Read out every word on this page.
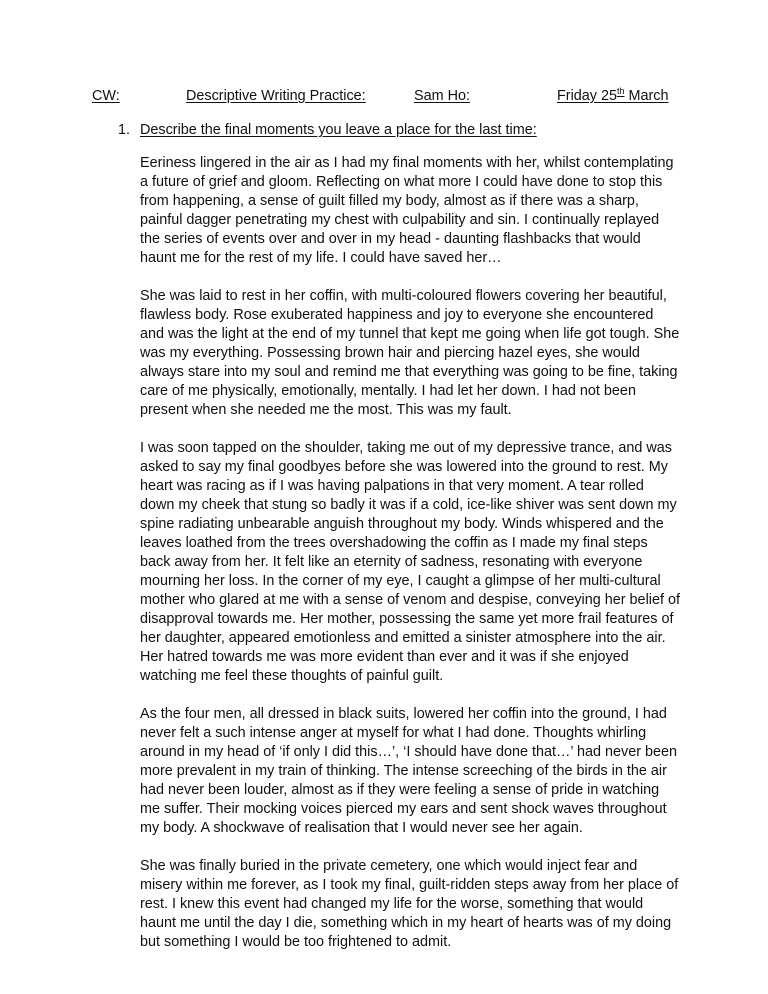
CW:	Descriptive Writing Practice:	Sam Ho:	Friday 25th March
1. Describe the final moments you leave a place for the last time:

Eeriness lingered in the air as I had my final moments with her, whilst contemplating a future of grief and gloom. Reflecting on what more I could have done to stop this from happening, a sense of guilt filled my body, almost as if there was a sharp, painful dagger penetrating my chest with culpability and sin. I continually replayed the series of events over and over in my head - daunting flashbacks that would haunt me for the rest of my life. I could have saved her…

She was laid to rest in her coffin, with multi-coloured flowers covering her beautiful, flawless body. Rose exuberated happiness and joy to everyone she encountered and was the light at the end of my tunnel that kept me going when life got tough. She was my everything. Possessing brown hair and piercing hazel eyes, she would always stare into my soul and remind me that everything was going to be fine, taking care of me physically, emotionally, mentally. I had let her down. I had not been present when she needed me the most. This was my fault.

I was soon tapped on the shoulder, taking me out of my depressive trance, and was asked to say my final goodbyes before she was lowered into the ground to rest. My heart was racing as if I was having palpations in that very moment. A tear rolled down my cheek that stung so badly it was if a cold, ice-like shiver was sent down my spine radiating unbearable anguish throughout my body. Winds whispered and the leaves loathed from the trees overshadowing the coffin as I made my final steps back away from her. It felt like an eternity of sadness, resonating with everyone mourning her loss. In the corner of my eye, I caught a glimpse of her multi-cultural mother who glared at me with a sense of venom and despise, conveying her belief of disapproval towards me. Her mother, possessing the same yet more frail features of her daughter, appeared emotionless and emitted a sinister atmosphere into the air. Her hatred towards me was more evident than ever and it was if she enjoyed watching me feel these thoughts of painful guilt.

As the four men, all dressed in black suits, lowered her coffin into the ground, I had never felt a such intense anger at myself for what I had done. Thoughts whirling around in my head of ‘if only I did this…’, ‘I should have done that…’ had never been more prevalent in my train of thinking. The intense screeching of the birds in the air had never been louder, almost as if they were feeling a sense of pride in watching me suffer. Their mocking voices pierced my ears and sent shock waves throughout my body. A shockwave of realisation that I would never see her again.

She was finally buried in the private cemetery, one which would inject fear and misery within me forever, as I took my final, guilt-ridden steps away from her place of rest. I knew this event had changed my life for the worse, something that would haunt me until the day I die, something which in my heart of hearts was of my doing but something I would be too frightened to admit.
